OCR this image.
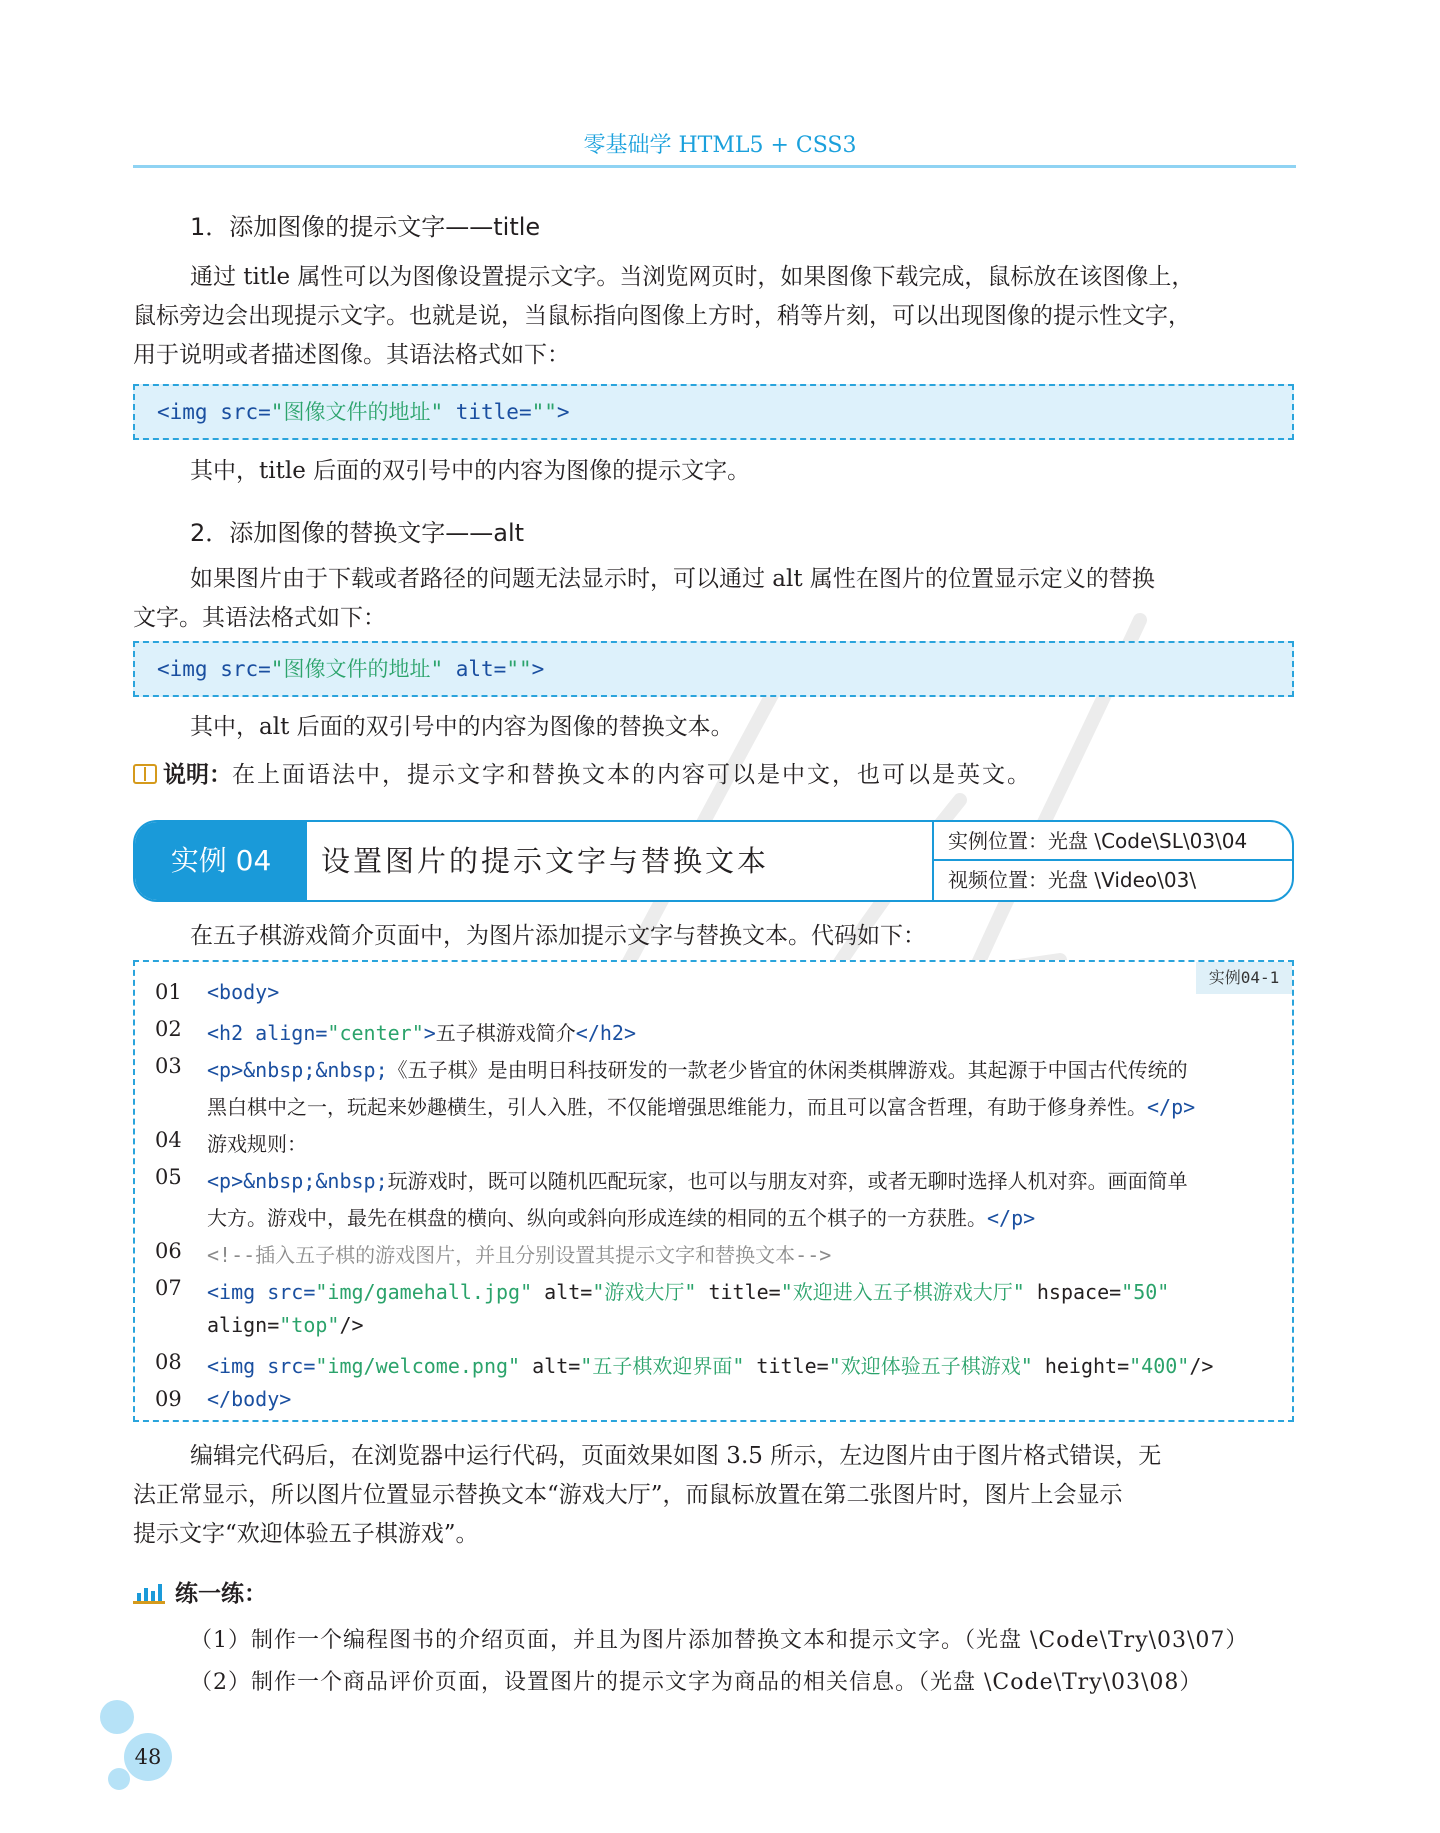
零基础学 HTML5 + CSS3
1．添加图像的提示文字——title
通过 title 属性可以为图像设置提示文字。当浏览网页时，如果图像下载完成，鼠标放在该图像上，
鼠标旁边会出现提示文字。也就是说，当鼠标指向图像上方时，稍等片刻，可以出现图像的提示性文字，
用于说明或者描述图像。其语法格式如下：
<img src="图像文件的地址" title="">
其中，title 后面的双引号中的内容为图像的提示文字。
2．添加图像的替换文字——alt
如果图片由于下载或者路径的问题无法显示时，可以通过 alt 属性在图片的位置显示定义的替换
文字。其语法格式如下：
<img src="图像文件的地址" alt="">
其中，alt 后面的双引号中的内容为图像的替换文本。
说明：在上面语法中，提示文字和替换文本的内容可以是中文，也可以是英文。
实例 04	设置图片的提示文字与替换文本
实例位置：光盘 \Code\SL\03\04
视频位置：光盘 \Video\03\
在五子棋游戏简介页面中，为图片添加提示文字与替换文本。代码如下：
实例04-1
01	<body>
02	<h2 align="center">五子棋游戏简介</h2>
03	<p>&nbsp;&nbsp;《五子棋》是由明日科技研发的一款老少皆宜的休闲类棋牌游戏。其起源于中国古代传统的
黑白棋中之一，玩起来妙趣横生，引人入胜，不仅能增强思维能力，而且可以富含哲理，有助于修身养性。</p>
04	游戏规则：
05	<p>&nbsp;&nbsp;玩游戏时，既可以随机匹配玩家，也可以与朋友对弈，或者无聊时选择人机对弈。画面简单
大方。游戏中，最先在棋盘的横向、纵向或斜向形成连续的相同的五个棋子的一方获胜。</p>
06	<!--插入五子棋的游戏图片，并且分别设置其提示文字和替换文本-->
07	<img src="img/gamehall.jpg" alt="游戏大厅" title="欢迎进入五子棋游戏大厅" hspace="50"
align="top"/>
08	<img src="img/welcome.png" alt="五子棋欢迎界面" title="欢迎体验五子棋游戏" height="400"/>
09	</body>
编辑完代码后，在浏览器中运行代码，页面效果如图 3.5 所示，左边图片由于图片格式错误，无
法正常显示，所以图片位置显示替换文本“游戏大厅”，而鼠标放置在第二张图片时，图片上会显示
提示文字“欢迎体验五子棋游戏”。
练一练：
（1）制作一个编程图书的介绍页面，并且为图片添加替换文本和提示文字。（光盘 \Code\Try\03\07）
（2）制作一个商品评价页面，设置图片的提示文字为商品的相关信息。（光盘 \Code\Try\03\08）
48
